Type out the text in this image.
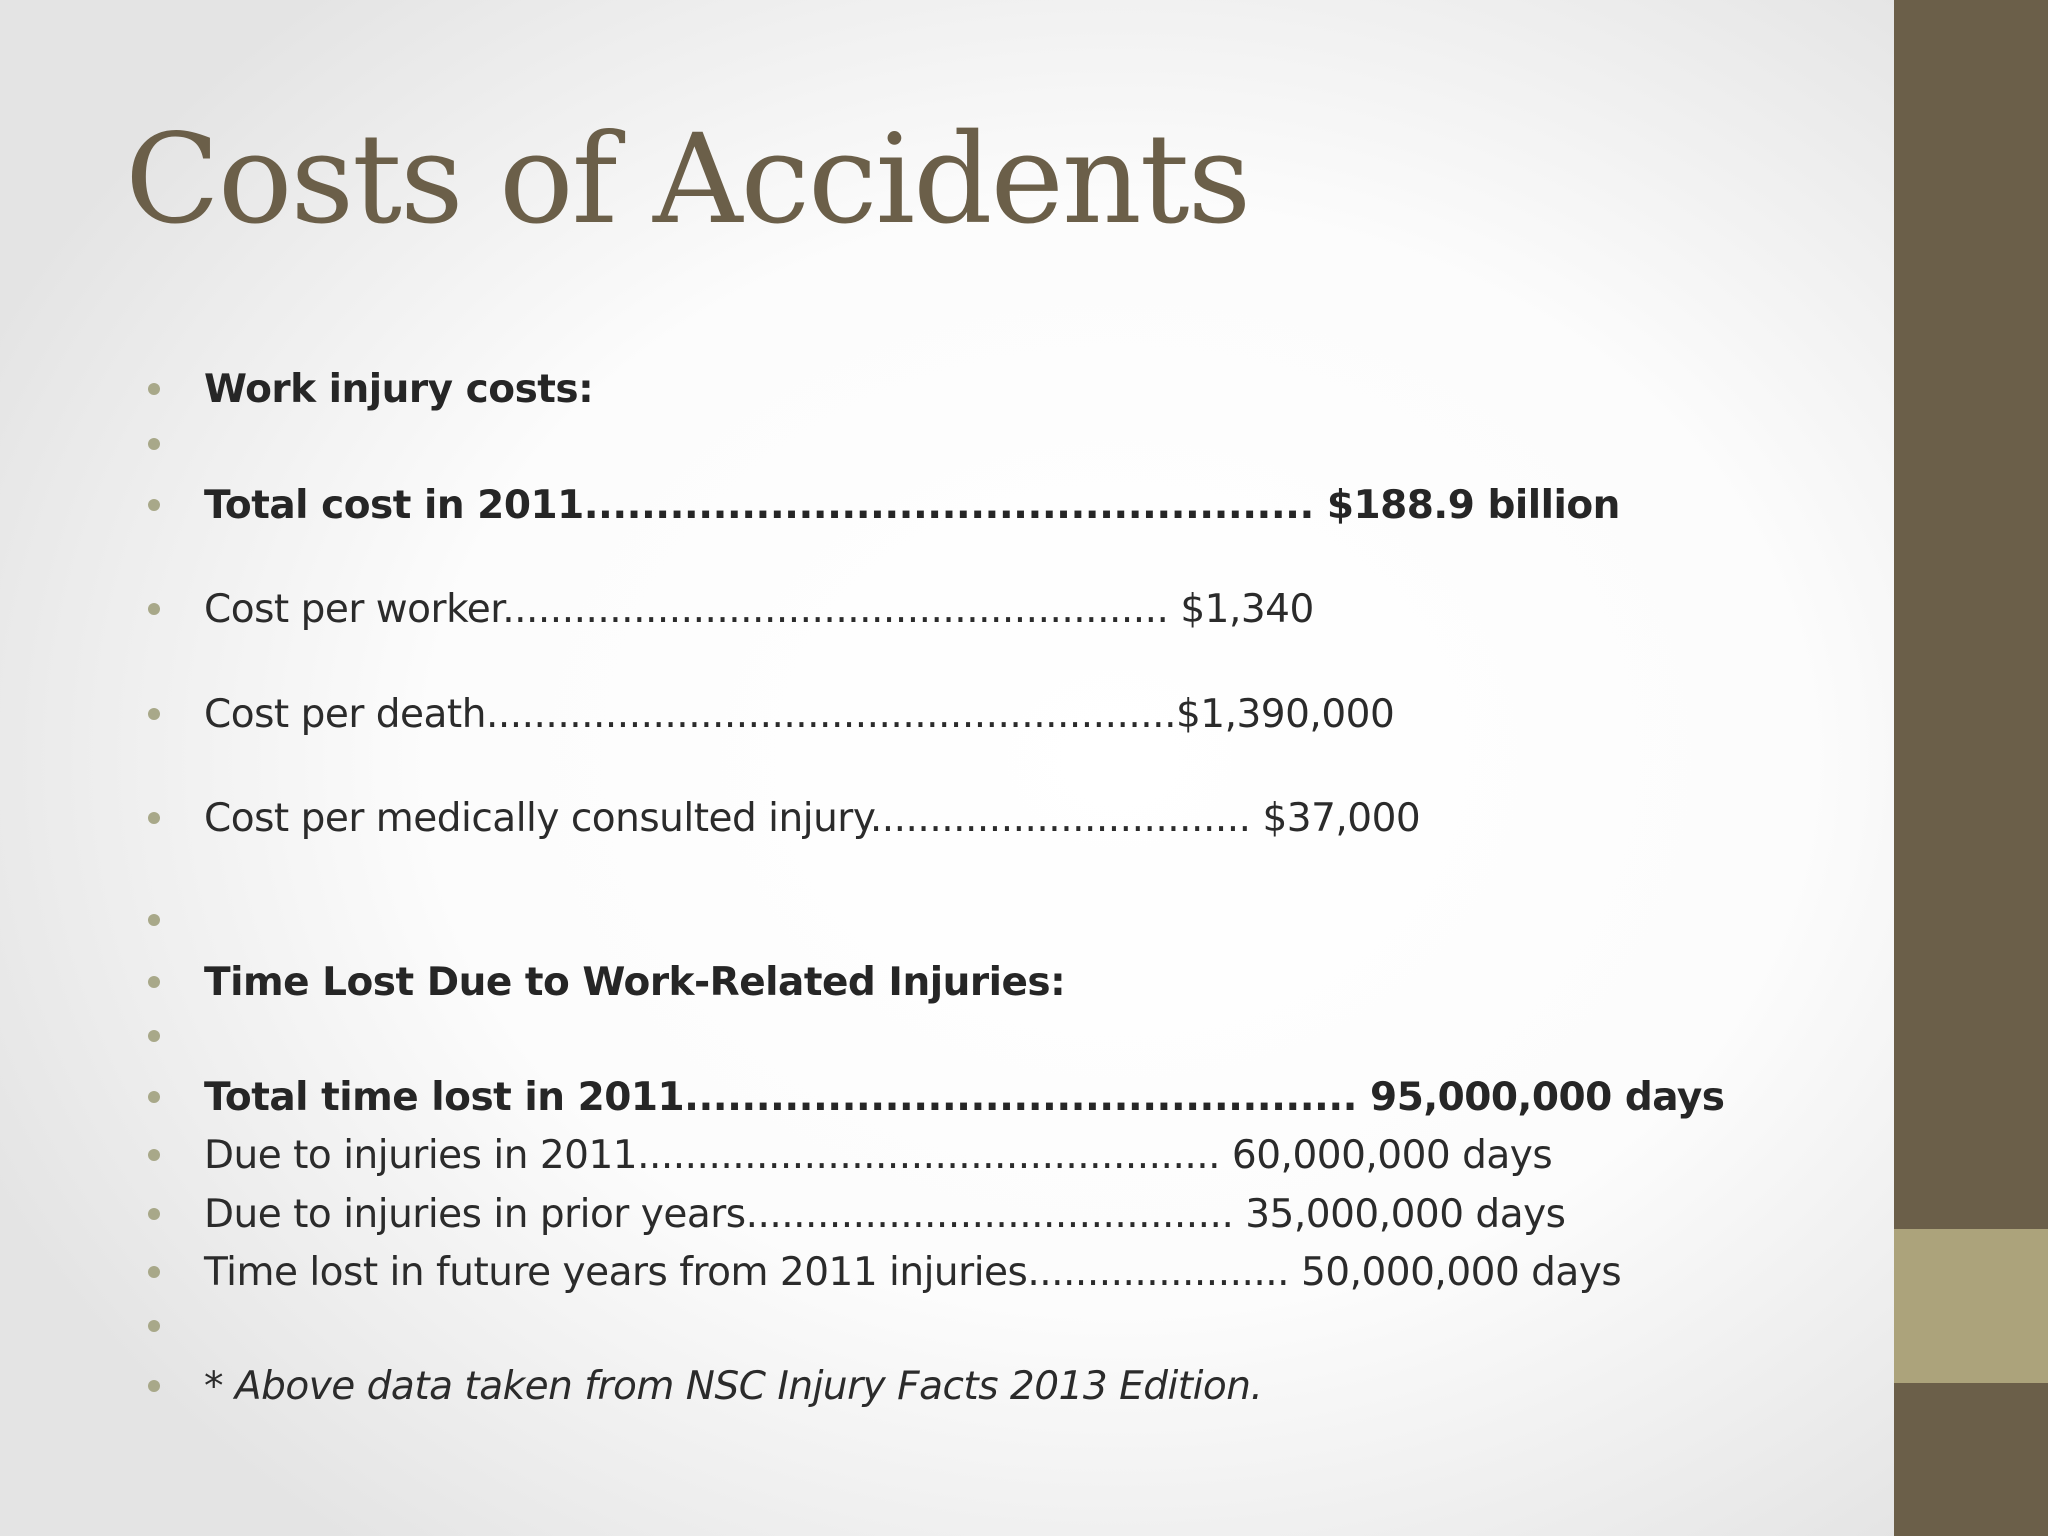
Costs of Accidents
Work injury costs:
Total cost in 2011................................................... $188.9 billion
Cost per worker........................................................ $1,340
Cost per death..........................................................$1,390,000
Cost per medically consulted injury................................ $37,000
Time Lost Due to Work-Related Injuries:
Total time lost in 2011............................................... 95,000,000 days
Due to injuries in 2011................................................. 60,000,000 days
Due to injuries in prior years......................................... 35,000,000 days
Time lost in future years from 2011 injuries...................... 50,000,000 days
* Above data taken from NSC Injury Facts 2013 Edition.
